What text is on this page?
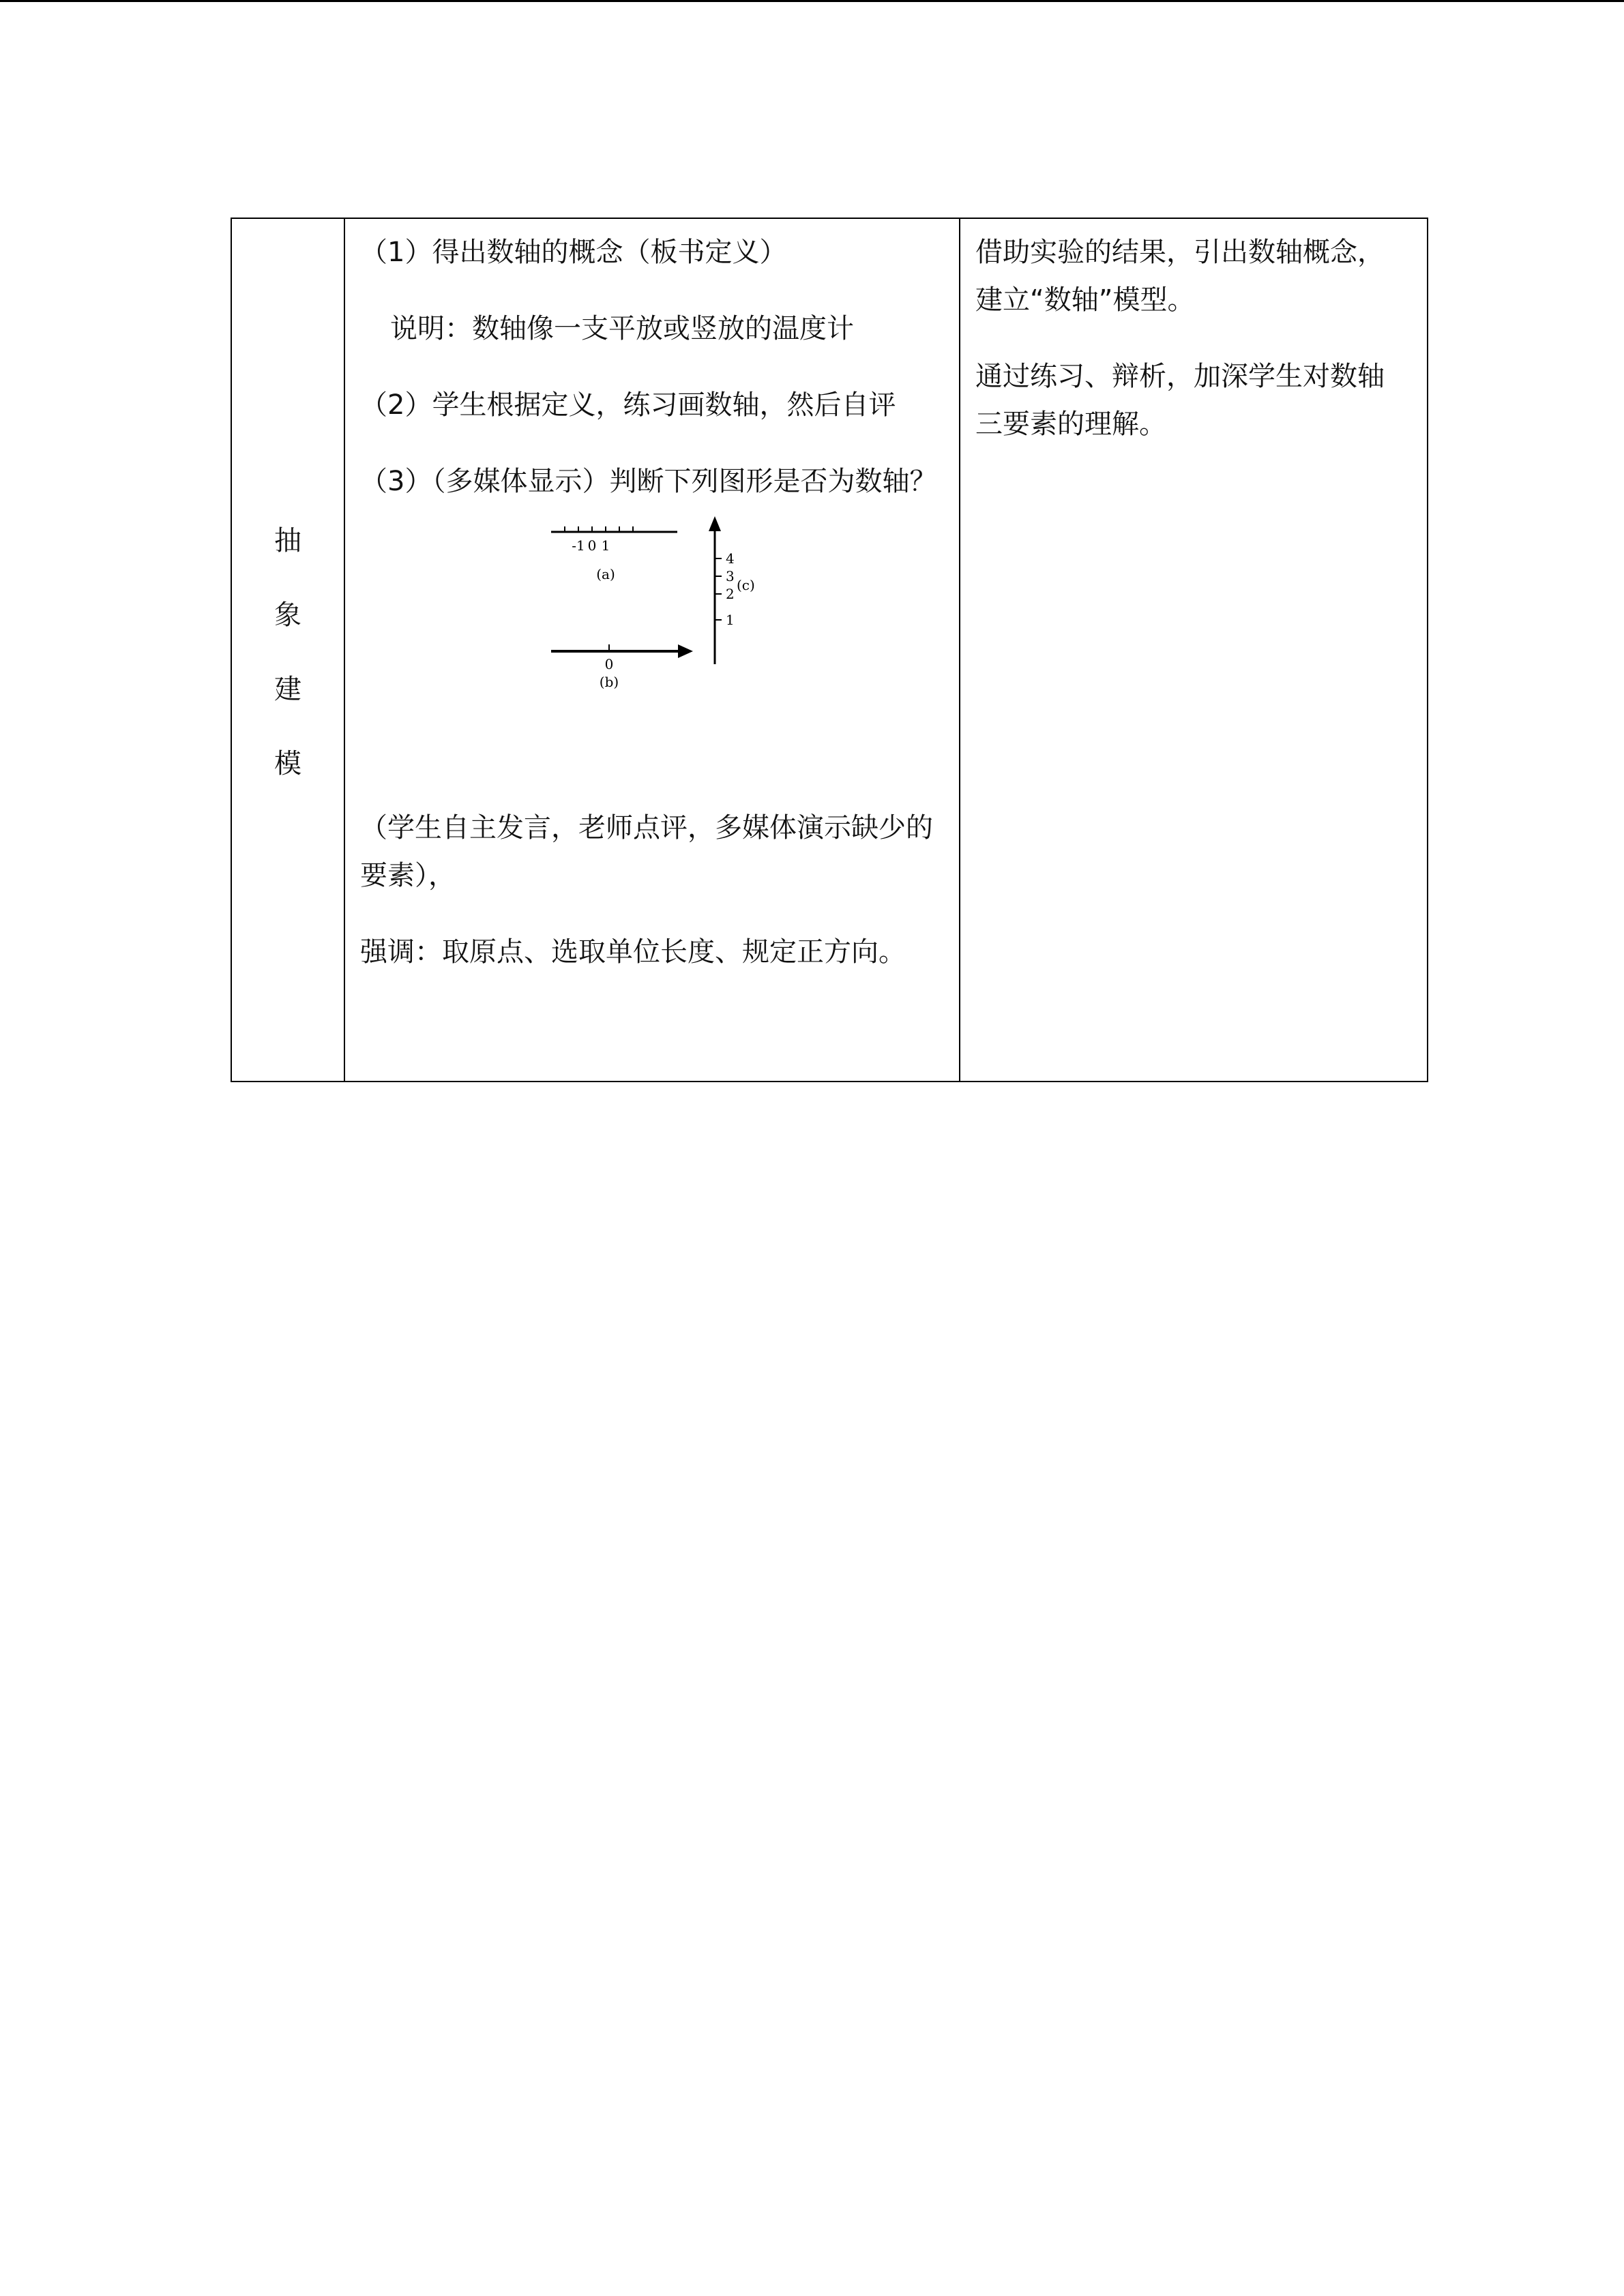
抽
象
建
模

（1）得出数轴的概念（板书定义）

说明：数轴像一支平放或竖放的温度计

（2）学生根据定义，练习画数轴，然后自评

（3）（多媒体显示）判断下列图形是否为数轴？

-1 0 1
(a)
0
(b)
4
3
2
1
(c)

（学生自主发言，老师点评，多媒体演示缺少的要素），

强调：取原点、选取单位长度、规定正方向。

借助实验的结果，引出数轴概念，建立“数轴”模型。

通过练习、辩析，加深学生对数轴三要素的理解。
